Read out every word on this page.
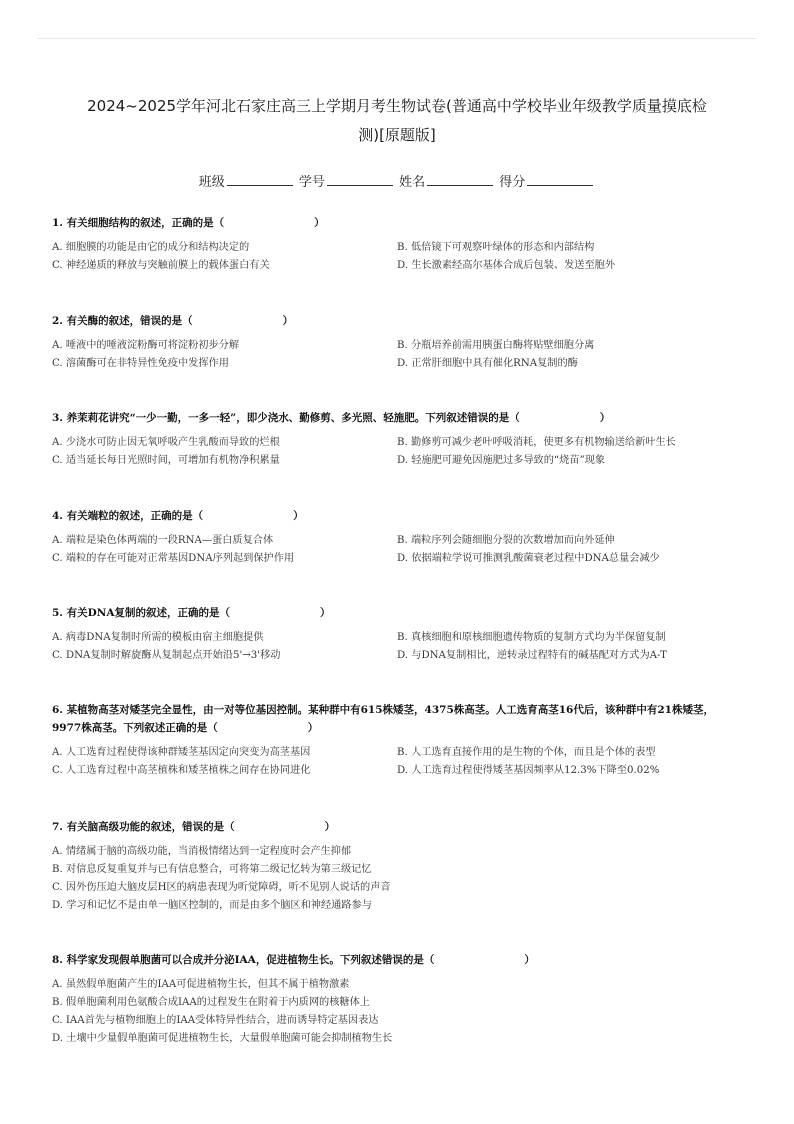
2024~2025学年河北石家庄高三上学期月考生物试卷(普通高中学校毕业年级教学质量摸底检
测)[原题版]
班级	学号	姓名	得分
1. 有关细胞结构的叙述，正确的是（	）
A. 细胞膜的功能是由它的成分和结构决定的	B. 低倍镜下可观察叶绿体的形态和内部结构
C. 神经递质的释放与突触前膜上的载体蛋白有关	D. 生长激素经高尔基体合成后包装、发送至胞外
2. 有关酶的叙述，错误的是（	）
A. 唾液中的唾液淀粉酶可将淀粉初步分解	B. 分瓶培养前需用胰蛋白酶将贴壁细胞分离
C. 溶菌酶可在非特异性免疫中发挥作用	D. 正常肝细胞中具有催化RNA复制的酶
3. 养茉莉花讲究“一少一勤，一多一轻”，即少浇水、勤修剪、多光照、轻施肥。下列叙述错误的是（	）
A. 少浇水可防止因无氧呼吸产生乳酸而导致的烂根	B. 勤修剪可减少老叶呼吸消耗，使更多有机物输送给新叶生长
C. 适当延长每日光照时间，可增加有机物净积累量	D. 轻施肥可避免因施肥过多导致的“烧苗”现象
4. 有关端粒的叙述，正确的是（	）
A. 端粒是染色体两端的一段RNA—蛋白质复合体	B. 端粒序列会随细胞分裂的次数增加而向外延伸
C. 端粒的存在可能对正常基因DNA序列起到保护作用	D. 依据端粒学说可推测乳酸菌衰老过程中DNA总量会减少
5. 有关DNA复制的叙述，正确的是（	）
A. 病毒DNA复制时所需的模板由宿主细胞提供	B. 真核细胞和原核细胞遗传物质的复制方式均为半保留复制
C. DNA复制时解旋酶从复制起点开始沿5'→3'移动	D. 与DNA复制相比，逆转录过程特有的碱基配对方式为A-T
6. 某植物高茎对矮茎完全显性，由一对等位基因控制。某种群中有615株矮茎，4375株高茎。人工选育高茎16代后，该种群中有21株矮茎，9977株高茎。下列叙述正确的是（	）
A. 人工选育过程使得该种群矮茎基因定向突变为高茎基因	B. 人工选育直接作用的是生物的个体，而且是个体的表型
C. 人工选育过程中高茎植株和矮茎植株之间存在协同进化	D. 人工选育过程使得矮茎基因频率从12.3%下降至0.02%
7. 有关脑高级功能的叙述，错误的是（	）
A. 情绪属于脑的高级功能，当消极情绪达到一定程度时会产生抑郁
B. 对信息反复重复并与已有信息整合，可将第二级记忆转为第三级记忆
C. 因外伤压迫大脑皮层H区的病患表现为听觉障碍，听不见别人说话的声音
D. 学习和记忆不是由单一脑区控制的，而是由多个脑区和神经通路参与
8. 科学家发现假单胞菌可以合成并分泌IAA，促进植物生长。下列叙述错误的是（	）
A. 虽然假单胞菌产生的IAA可促进植物生长，但其不属于植物激素
B. 假单胞菌利用色氨酸合成IAA的过程发生在附着于内质网的核糖体上
C. IAA首先与植物细胞上的IAA受体特异性结合，进而诱导特定基因表达
D. 土壤中少量假单胞菌可促进植物生长，大量假单胞菌可能会抑制植物生长
